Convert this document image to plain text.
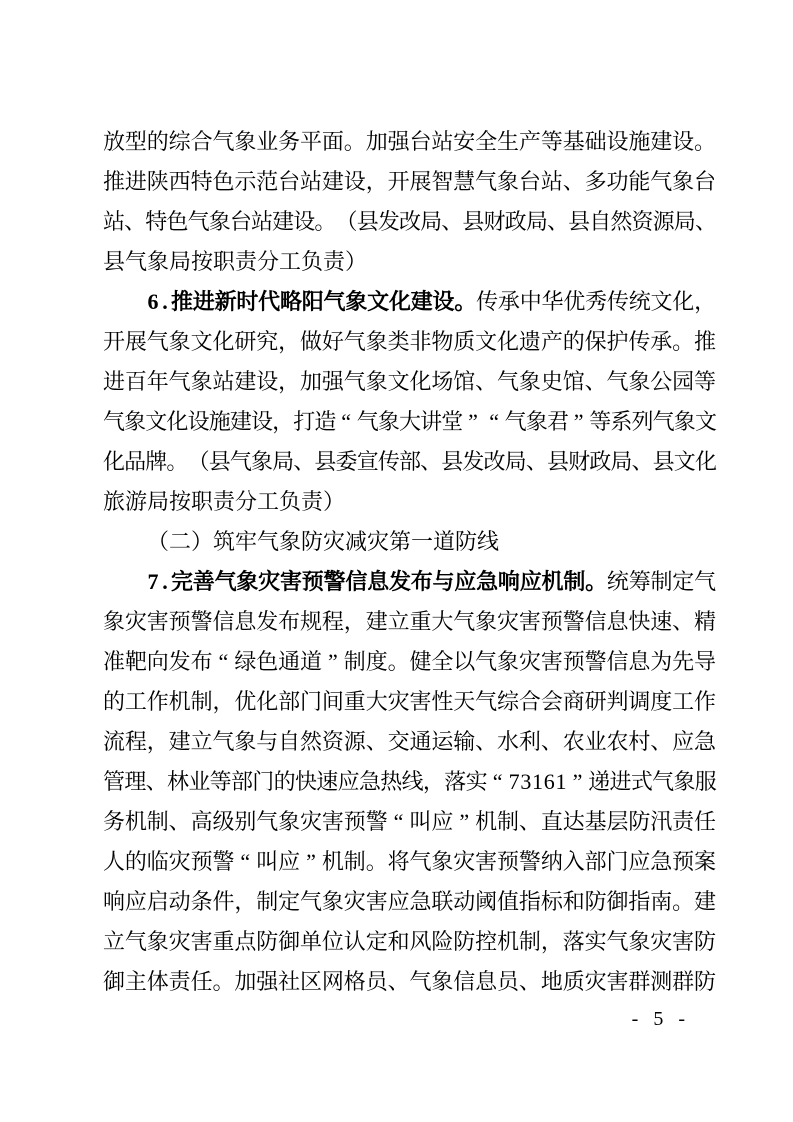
放 型 的 综 合 气 象 业 务 平 面 。 加 强 台 站 安 全 生 产 等 基 础 设 施 建 设 。
推 进 陕 西 特 色 示 范 台 站 建 设 ， 开 展 智 慧 气 象 台 站 、 多 功 能 气 象 台
站 、 特 色 气 象 台 站 建 设 。 （ 县 发 改 局 、 县 财 政 局 、 县 自 然 资 源 局 、
县 气 象 局 按 职 责 分 工 负 责 ）
6 . 推 进 新 时 代 略 阳 气 象 文 化 建 设 。 传 承 中 华 优 秀 传 统 文 化 ，
开 展 气 象 文 化 研 究 ， 做 好 气 象 类 非 物 质 文 化 遗 产 的 保 护 传 承 。 推
进 百 年 气 象 站 建 设 ， 加 强 气 象 文 化 场 馆 、 气 象 史 馆 、 气 象 公 园 等
气 象 文 化 设 施 建 设 ， 打 造 “ 气 象 大 讲 堂 ” “ 气 象 君 ” 等 系 列 气 象 文
化 品 牌 。 （ 县 气 象 局 、 县 委 宣 传 部 、 县 发 改 局 、 县 财 政 局 、 县 文 化
旅 游 局 按 职 责 分 工 负 责 ）
（ 二 ） 筑 牢 气 象 防 灾 减 灾 第 一 道 防 线
7 . 完 善 气 象 灾 害 预 警 信 息 发 布 与 应 急 响 应 机 制 。 统 筹 制 定 气
象 灾 害 预 警 信 息 发 布 规 程 ， 建 立 重 大 气 象 灾 害 预 警 信 息 快 速 、 精
准 靶 向 发 布 “ 绿 色 通 道 ” 制 度 。 健 全 以 气 象 灾 害 预 警 信 息 为 先 导
的 工 作 机 制 ， 优 化 部 门 间 重 大 灾 害 性 天 气 综 合 会 商 研 判 调 度 工 作
流 程 ， 建 立 气 象 与 自 然 资 源 、 交 通 运 输 、 水 利 、 农 业 农 村 、 应 急
管 理 、 林 业 等 部 门 的 快 速 应 急 热 线 ， 落 实 “ 7 3 1 6 1 ” 递 进 式 气 象 服
务 机 制 、 高 级 别 气 象 灾 害 预 警 “ 叫 应 ” 机 制 、 直 达 基 层 防 汛 责 任
人 的 临 灾 预 警 “ 叫 应 ” 机 制 。 将 气 象 灾 害 预 警 纳 入 部 门 应 急 预 案
响 应 启 动 条 件 ， 制 定 气 象 灾 害 应 急 联 动 阈 值 指 标 和 防 御 指 南 。 建
立 气 象 灾 害 重 点 防 御 单 位 认 定 和 风 险 防 控 机 制 ， 落 实 气 象 灾 害 防
御 主 体 责 任 。 加 强 社 区 网 格 员 、 气 象 信 息 员 、 地 质 灾 害 群 测 群 防
- 5 -
